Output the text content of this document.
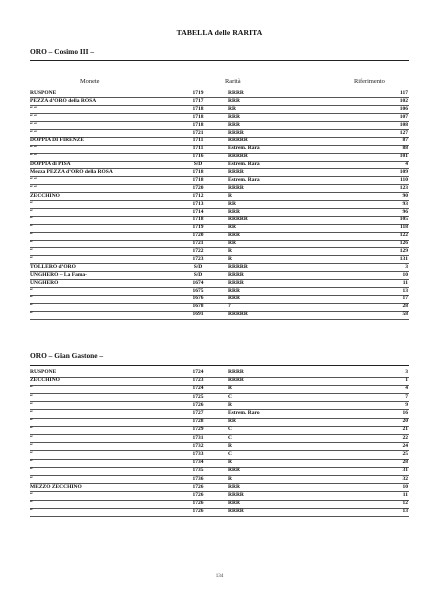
TABELLA delle RARITA
ORO – Cosimo III –
Monete	Rarità	Riferimento
RUSPONE	1719	RRRR	117
PEZZA d’ORO della ROSA	1717	RRR	102
“ “	1718	RR	106
“ “	1718	RRR	107
“ “	1718	RRR	108
“ “	1721	RRRR	127
DOPPIA DI FIRENZE	1711	RRRRR	87
“ “	1711	Estrem. Rara	88
“ “	1716	RRRRR	101
DOPPIA di PISA	S/D	Estrem. Rara	4
Mezza PEZZA d’ORO della ROSA	1718	RRRR	109
“ “	1718	Estrem. Rara	110
“ “	1720	RRRR	123
ZECCHINO	1712	R	90
“	1713	RR	93
“	1714	RRR	96
“	1718	RRRRR	105
“	1719	RR	118
“	1720	RRR	122
“	1721	RR	126
“	1722	R	129
“	1723	R	131
TOLLERO d’ORO	S/D	RRRRR	3
UNGHERO – La Fama-	S/D	RRRR	10
UNGHERO	1674	RRRR	11
“	1675	RRR	13
“	1676	RRR	17
“	1678	?	28
“	1691	RRRRR	58
ORO – Gian Gastone –
RUSPONE	1724	RRRR	3
ZECCHINO	1723	RRRR	1
“	1724	R	4
“	1725	C	7
“	1726	R	9
“	1727	Estrem. Raro	16
“	1728	RR	20
“	1729	C	21
“	1731	C	22
“	1732	R	24
“	1733	C	25
“	1734	R	28
“	1735	RRR	31
“	1736	R	32
MEZZO ZECCHINO	1726	RRR	10
“	1726	RRRR	11
“	1726	RRR	12
“	1726	RRRR	13
134
